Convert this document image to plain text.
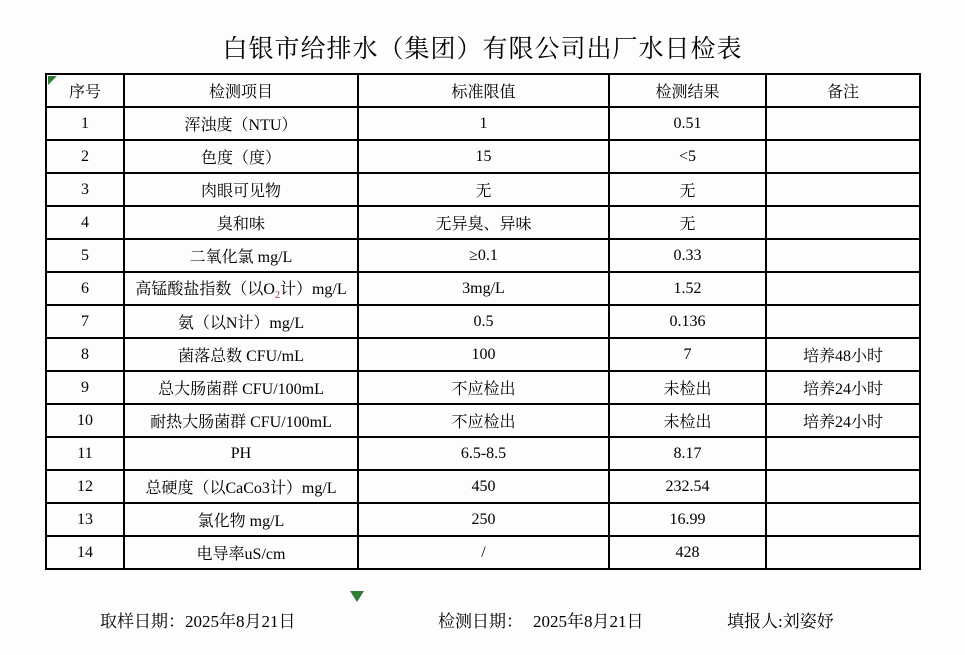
白银市给排水（集团）有限公司出厂水日检表
序号	检测项目	标准限值	检测结果	备注
1	浑浊度（NTU）	1	0.51	
2	色度（度）	15	<5	
3	肉眼可见物	无	无	
4	臭和味	无异臭、异味	无	
5	二氧化氯 mg/L	≥0.1	0.33	
6	高锰酸盐指数（以$O_2$计）mg/L	3mg/L	1.52	
7	氨（以N计）mg/L	0.5	0.136	
8	菌落总数 CFU/mL	100	7	培养48小时
9	总大肠菌群 CFU/100mL	不应检出	未检出	培养24小时
10	耐热大肠菌群 CFU/100mL	不应检出	未检出	培养24小时
11	PH	6.5-8.5	8.17	
12	总硬度（以CaCo3计）mg/L	450	232.54	
13	氯化物 mg/L	250	16.99	
14	电导率uS/cm	/	428	
取样日期：2025年8月21日	检测日期： 2025年8月21日	填报人:刘姿妤
